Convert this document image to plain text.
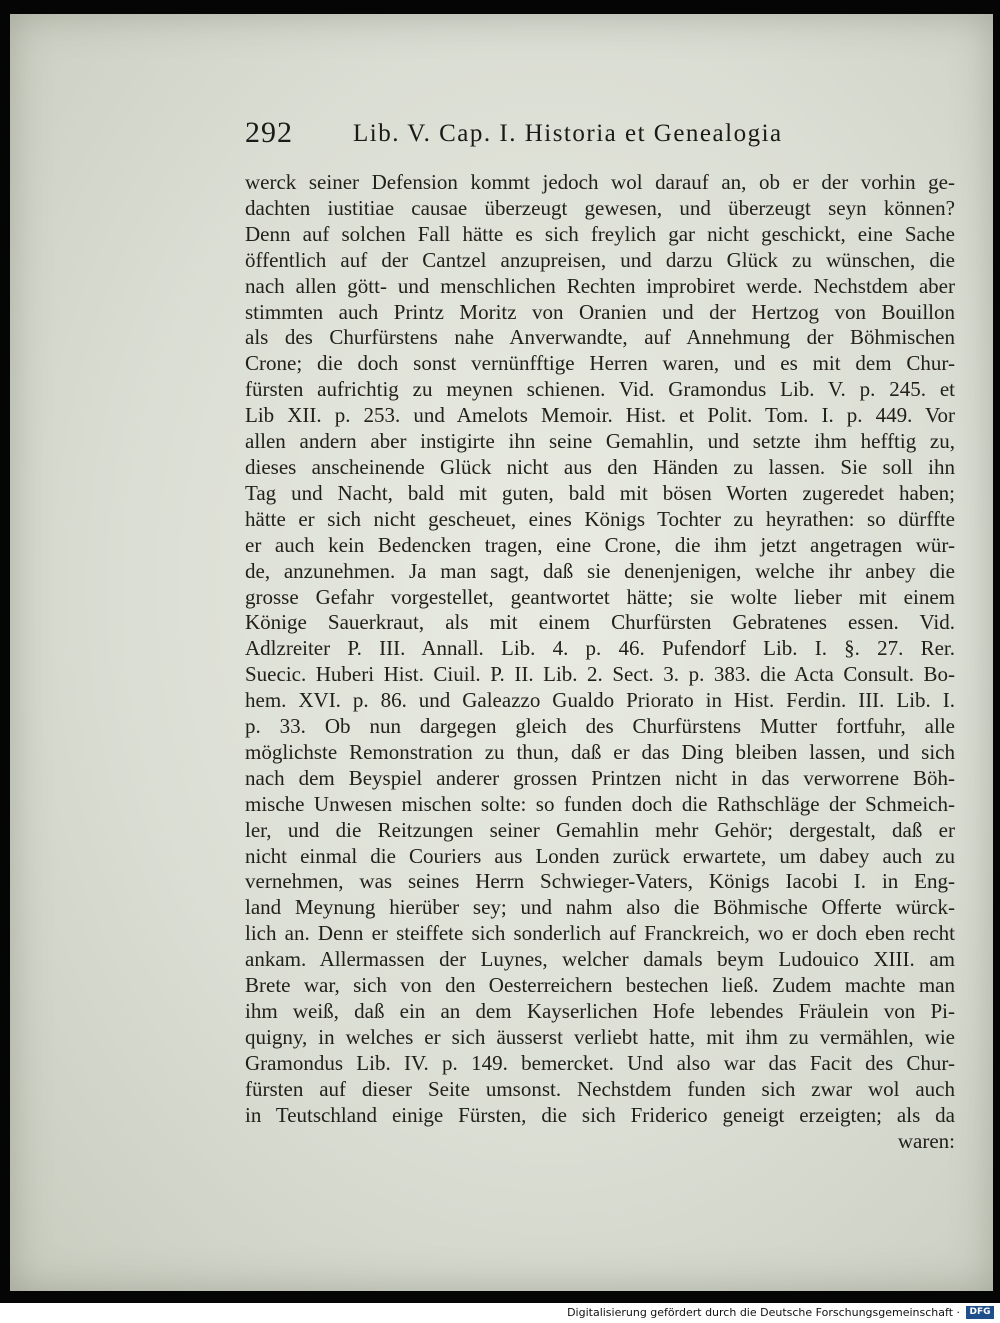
292 Lib. V. Cap. I. Historia et Genealogia
werck seiner Defension kommt jedoch wol darauf an, ob er der vorhin ge-
dachten iustitiae causae überzeugt gewesen, und überzeugt seyn können?
Denn auf solchen Fall hätte es sich freylich gar nicht geschickt, eine Sache
öffentlich auf der Cantzel anzupreisen, und darzu Glück zu wünschen, die
nach allen gött- und menschlichen Rechten improbiret werde. Nechstdem aber
stimmten auch Printz Moritz von Oranien und der Hertzog von Bouillon
als des Churfürstens nahe Anverwandte, auf Annehmung der Böhmischen
Crone; die doch sonst vernünfftige Herren waren, und es mit dem Chur-
fürsten aufrichtig zu meynen schienen. Vid. Gramondus Lib. V. p. 245. et
Lib XII. p. 253. und Amelots Memoir. Hist. et Polit. Tom. I. p. 449. Vor
allen andern aber instigirte ihn seine Gemahlin, und setzte ihm hefftig zu,
dieses anscheinende Glück nicht aus den Händen zu lassen. Sie soll ihn
Tag und Nacht, bald mit guten, bald mit bösen Worten zugeredet haben;
hätte er sich nicht gescheuet, eines Königs Tochter zu heyrathen: so dürffte
er auch kein Bedencken tragen, eine Crone, die ihm jetzt angetragen wür-
de, anzunehmen. Ja man sagt, daß sie denenjenigen, welche ihr anbey die
grosse Gefahr vorgestellet, geantwortet hätte; sie wolte lieber mit einem
Könige Sauerkraut, als mit einem Churfürsten Gebratenes essen. Vid.
Adlzreiter P. III. Annall. Lib. 4. p. 46. Pufendorf Lib. I. §. 27. Rer.
Suecic. Huberi Hist. Ciuil. P. II. Lib. 2. Sect. 3. p. 383. die Acta Consult. Bo-
hem. XVI. p. 86. und Galeazzo Gualdo Priorato in Hist. Ferdin. III. Lib. I.
p. 33. Ob nun dargegen gleich des Churfürstens Mutter fortfuhr, alle
möglichste Remonstration zu thun, daß er das Ding bleiben lassen, und sich
nach dem Beyspiel anderer grossen Printzen nicht in das verworrene Böh-
mische Unwesen mischen solte: so funden doch die Rathschläge der Schmeich-
ler, und die Reitzungen seiner Gemahlin mehr Gehör; dergestalt, daß er
nicht einmal die Couriers aus Londen zurück erwartete, um dabey auch zu
vernehmen, was seines Herrn Schwieger-Vaters, Königs Iacobi I. in Eng-
land Meynung hierüber sey; und nahm also die Böhmische Offerte würck-
lich an. Denn er steiffete sich sonderlich auf Franckreich, wo er doch eben recht
ankam. Allermassen der Luynes, welcher damals beym Ludouico XIII. am
Brete war, sich von den Oesterreichern bestechen ließ. Zudem machte man
ihm weiß, daß ein an dem Kayserlichen Hofe lebendes Fräulein von Pi-
quigny, in welches er sich äusserst verliebt hatte, mit ihm zu vermählen, wie
Gramondus Lib. IV. p. 149. bemercket. Und also war das Facit des Chur-
fürsten auf dieser Seite umsonst. Nechstdem funden sich zwar wol auch
in Teutschland einige Fürsten, die sich Friderico geneigt erzeigten; als da
waren:
Digitalisierung gefördert durch die Deutsche Forschungsgemeinschaft ·	DFG
